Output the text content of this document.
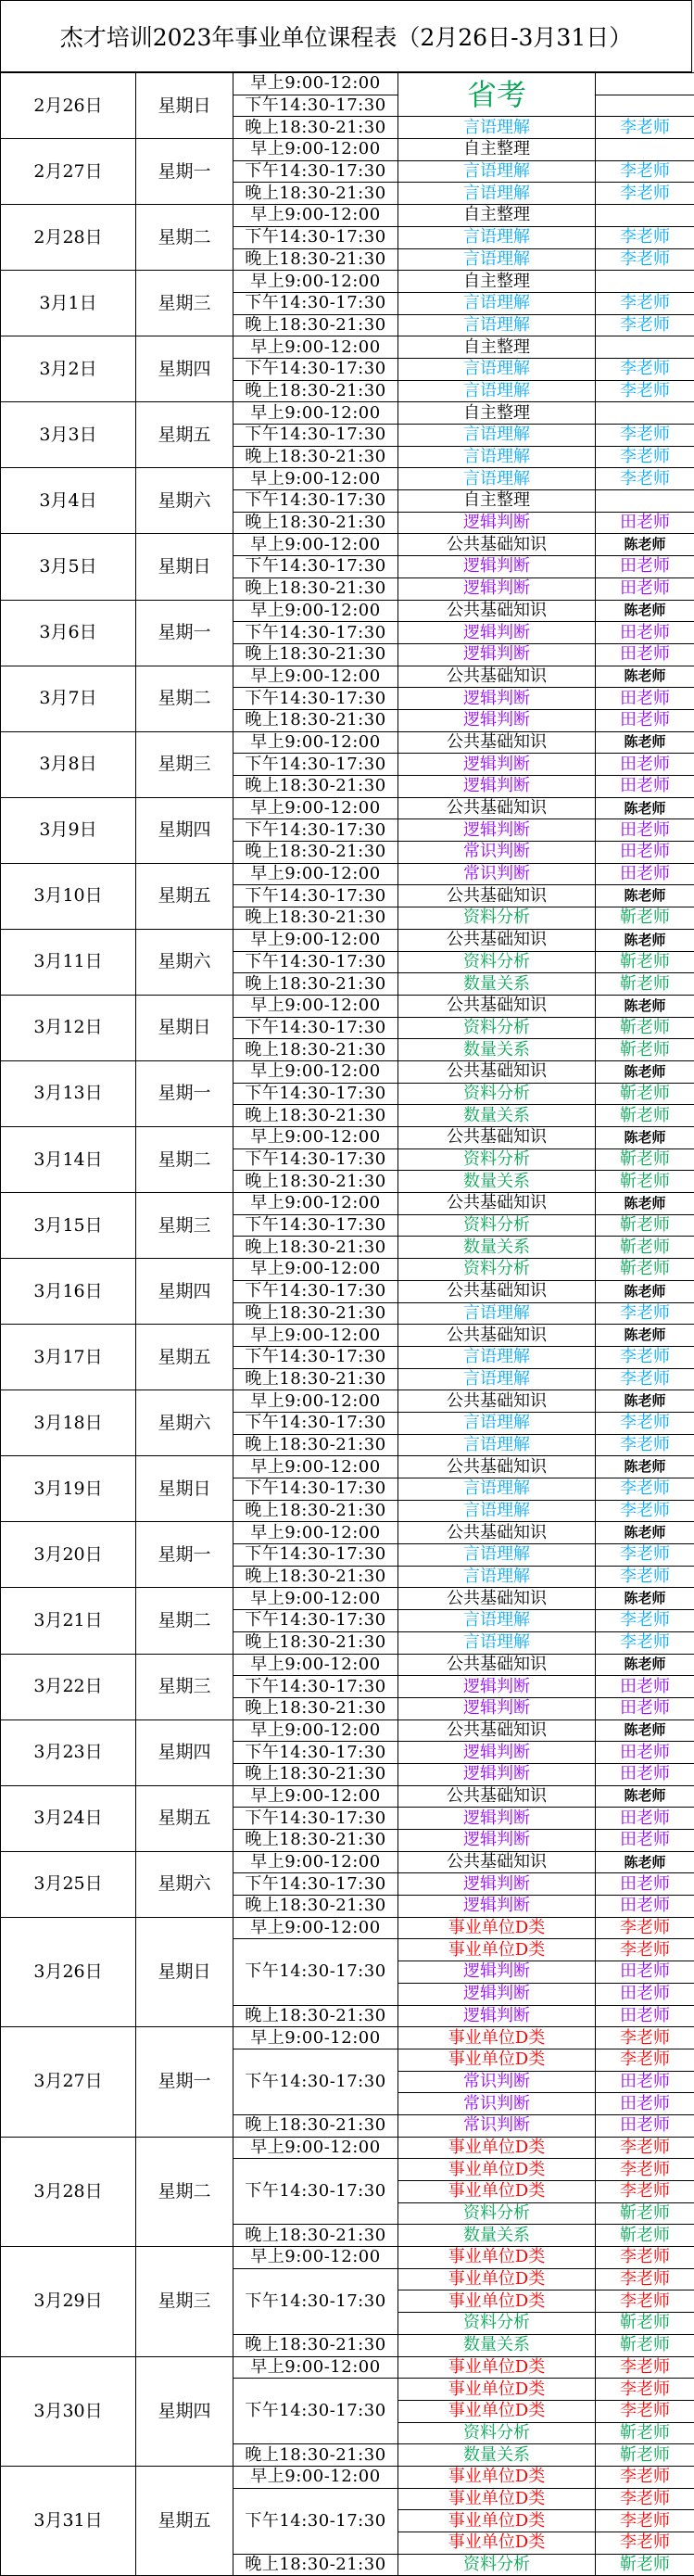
杰才培训2023年事业单位课程表（2月26日-3月31日）
2月26日	星期日	早上9:00-12:00	省考	
		下午14:30-17:30		
		晚上18:30-21:30	言语理解	李老师
2月27日	星期一	早上9:00-12:00	自主整理	
		下午14:30-17:30	言语理解	李老师
		晚上18:30-21:30	言语理解	李老师
2月28日	星期二	早上9:00-12:00	自主整理	
		下午14:30-17:30	言语理解	李老师
		晚上18:30-21:30	言语理解	李老师
3月1日	星期三	早上9:00-12:00	自主整理	
		下午14:30-17:30	言语理解	李老师
		晚上18:30-21:30	言语理解	李老师
3月2日	星期四	早上9:00-12:00	自主整理	
		下午14:30-17:30	言语理解	李老师
		晚上18:30-21:30	言语理解	李老师
3月3日	星期五	早上9:00-12:00	自主整理	
		下午14:30-17:30	言语理解	李老师
		晚上18:30-21:30	言语理解	李老师
3月4日	星期六	早上9:00-12:00	言语理解	李老师
		下午14:30-17:30	自主整理	
		晚上18:30-21:30	逻辑判断	田老师
3月5日	星期日	早上9:00-12:00	公共基础知识	陈老师
		下午14:30-17:30	逻辑判断	田老师
		晚上18:30-21:30	逻辑判断	田老师
3月6日	星期一	早上9:00-12:00	公共基础知识	陈老师
		下午14:30-17:30	逻辑判断	田老师
		晚上18:30-21:30	逻辑判断	田老师
3月7日	星期二	早上9:00-12:00	公共基础知识	陈老师
		下午14:30-17:30	逻辑判断	田老师
		晚上18:30-21:30	逻辑判断	田老师
3月8日	星期三	早上9:00-12:00	公共基础知识	陈老师
		下午14:30-17:30	逻辑判断	田老师
		晚上18:30-21:30	逻辑判断	田老师
3月9日	星期四	早上9:00-12:00	公共基础知识	陈老师
		下午14:30-17:30	逻辑判断	田老师
		晚上18:30-21:30	常识判断	田老师
3月10日	星期五	早上9:00-12:00	常识判断	田老师
		下午14:30-17:30	公共基础知识	陈老师
		晚上18:30-21:30	资料分析	靳老师
3月11日	星期六	早上9:00-12:00	公共基础知识	陈老师
		下午14:30-17:30	资料分析	靳老师
		晚上18:30-21:30	数量关系	靳老师
3月12日	星期日	早上9:00-12:00	公共基础知识	陈老师
		下午14:30-17:30	资料分析	靳老师
		晚上18:30-21:30	数量关系	靳老师
3月13日	星期一	早上9:00-12:00	公共基础知识	陈老师
		下午14:30-17:30	资料分析	靳老师
		晚上18:30-21:30	数量关系	靳老师
3月14日	星期二	早上9:00-12:00	公共基础知识	陈老师
		下午14:30-17:30	资料分析	靳老师
		晚上18:30-21:30	数量关系	靳老师
3月15日	星期三	早上9:00-12:00	公共基础知识	陈老师
		下午14:30-17:30	资料分析	靳老师
		晚上18:30-21:30	数量关系	靳老师
3月16日	星期四	早上9:00-12:00	资料分析	靳老师
		下午14:30-17:30	公共基础知识	陈老师
		晚上18:30-21:30	言语理解	李老师
3月17日	星期五	早上9:00-12:00	公共基础知识	陈老师
		下午14:30-17:30	言语理解	李老师
		晚上18:30-21:30	言语理解	李老师
3月18日	星期六	早上9:00-12:00	公共基础知识	陈老师
		下午14:30-17:30	言语理解	李老师
		晚上18:30-21:30	言语理解	李老师
3月19日	星期日	早上9:00-12:00	公共基础知识	陈老师
		下午14:30-17:30	言语理解	李老师
		晚上18:30-21:30	言语理解	李老师
3月20日	星期一	早上9:00-12:00	公共基础知识	陈老师
		下午14:30-17:30	言语理解	李老师
		晚上18:30-21:30	言语理解	李老师
3月21日	星期二	早上9:00-12:00	公共基础知识	陈老师
		下午14:30-17:30	言语理解	李老师
		晚上18:30-21:30	言语理解	李老师
3月22日	星期三	早上9:00-12:00	公共基础知识	陈老师
		下午14:30-17:30	逻辑判断	田老师
		晚上18:30-21:30	逻辑判断	田老师
3月23日	星期四	早上9:00-12:00	公共基础知识	陈老师
		下午14:30-17:30	逻辑判断	田老师
		晚上18:30-21:30	逻辑判断	田老师
3月24日	星期五	早上9:00-12:00	公共基础知识	陈老师
		下午14:30-17:30	逻辑判断	田老师
		晚上18:30-21:30	逻辑判断	田老师
3月25日	星期六	早上9:00-12:00	公共基础知识	陈老师
		下午14:30-17:30	逻辑判断	田老师
		晚上18:30-21:30	逻辑判断	田老师
3月26日	星期日	早上9:00-12:00	事业单位D类	李老师
		下午14:30-17:30	事业单位D类	李老师
			逻辑判断	田老师
			逻辑判断	田老师
		晚上18:30-21:30	逻辑判断	田老师
3月27日	星期一	早上9:00-12:00	事业单位D类	李老师
		下午14:30-17:30	事业单位D类	李老师
			常识判断	田老师
			常识判断	田老师
		晚上18:30-21:30	常识判断	田老师
3月28日	星期二	早上9:00-12:00	事业单位D类	李老师
		下午14:30-17:30	事业单位D类	李老师
			事业单位D类	李老师
			资料分析	靳老师
		晚上18:30-21:30	数量关系	靳老师
3月29日	星期三	早上9:00-12:00	事业单位D类	李老师
		下午14:30-17:30	事业单位D类	李老师
			事业单位D类	李老师
			资料分析	靳老师
		晚上18:30-21:30	数量关系	靳老师
3月30日	星期四	早上9:00-12:00	事业单位D类	李老师
		下午14:30-17:30	事业单位D类	李老师
			事业单位D类	李老师
			资料分析	靳老师
		晚上18:30-21:30	数量关系	靳老师
3月31日	星期五	早上9:00-12:00	事业单位D类	李老师
		下午14:30-17:30	事业单位D类	李老师
			事业单位D类	李老师
			事业单位D类	李老师
		晚上18:30-21:30	资料分析	靳老师
